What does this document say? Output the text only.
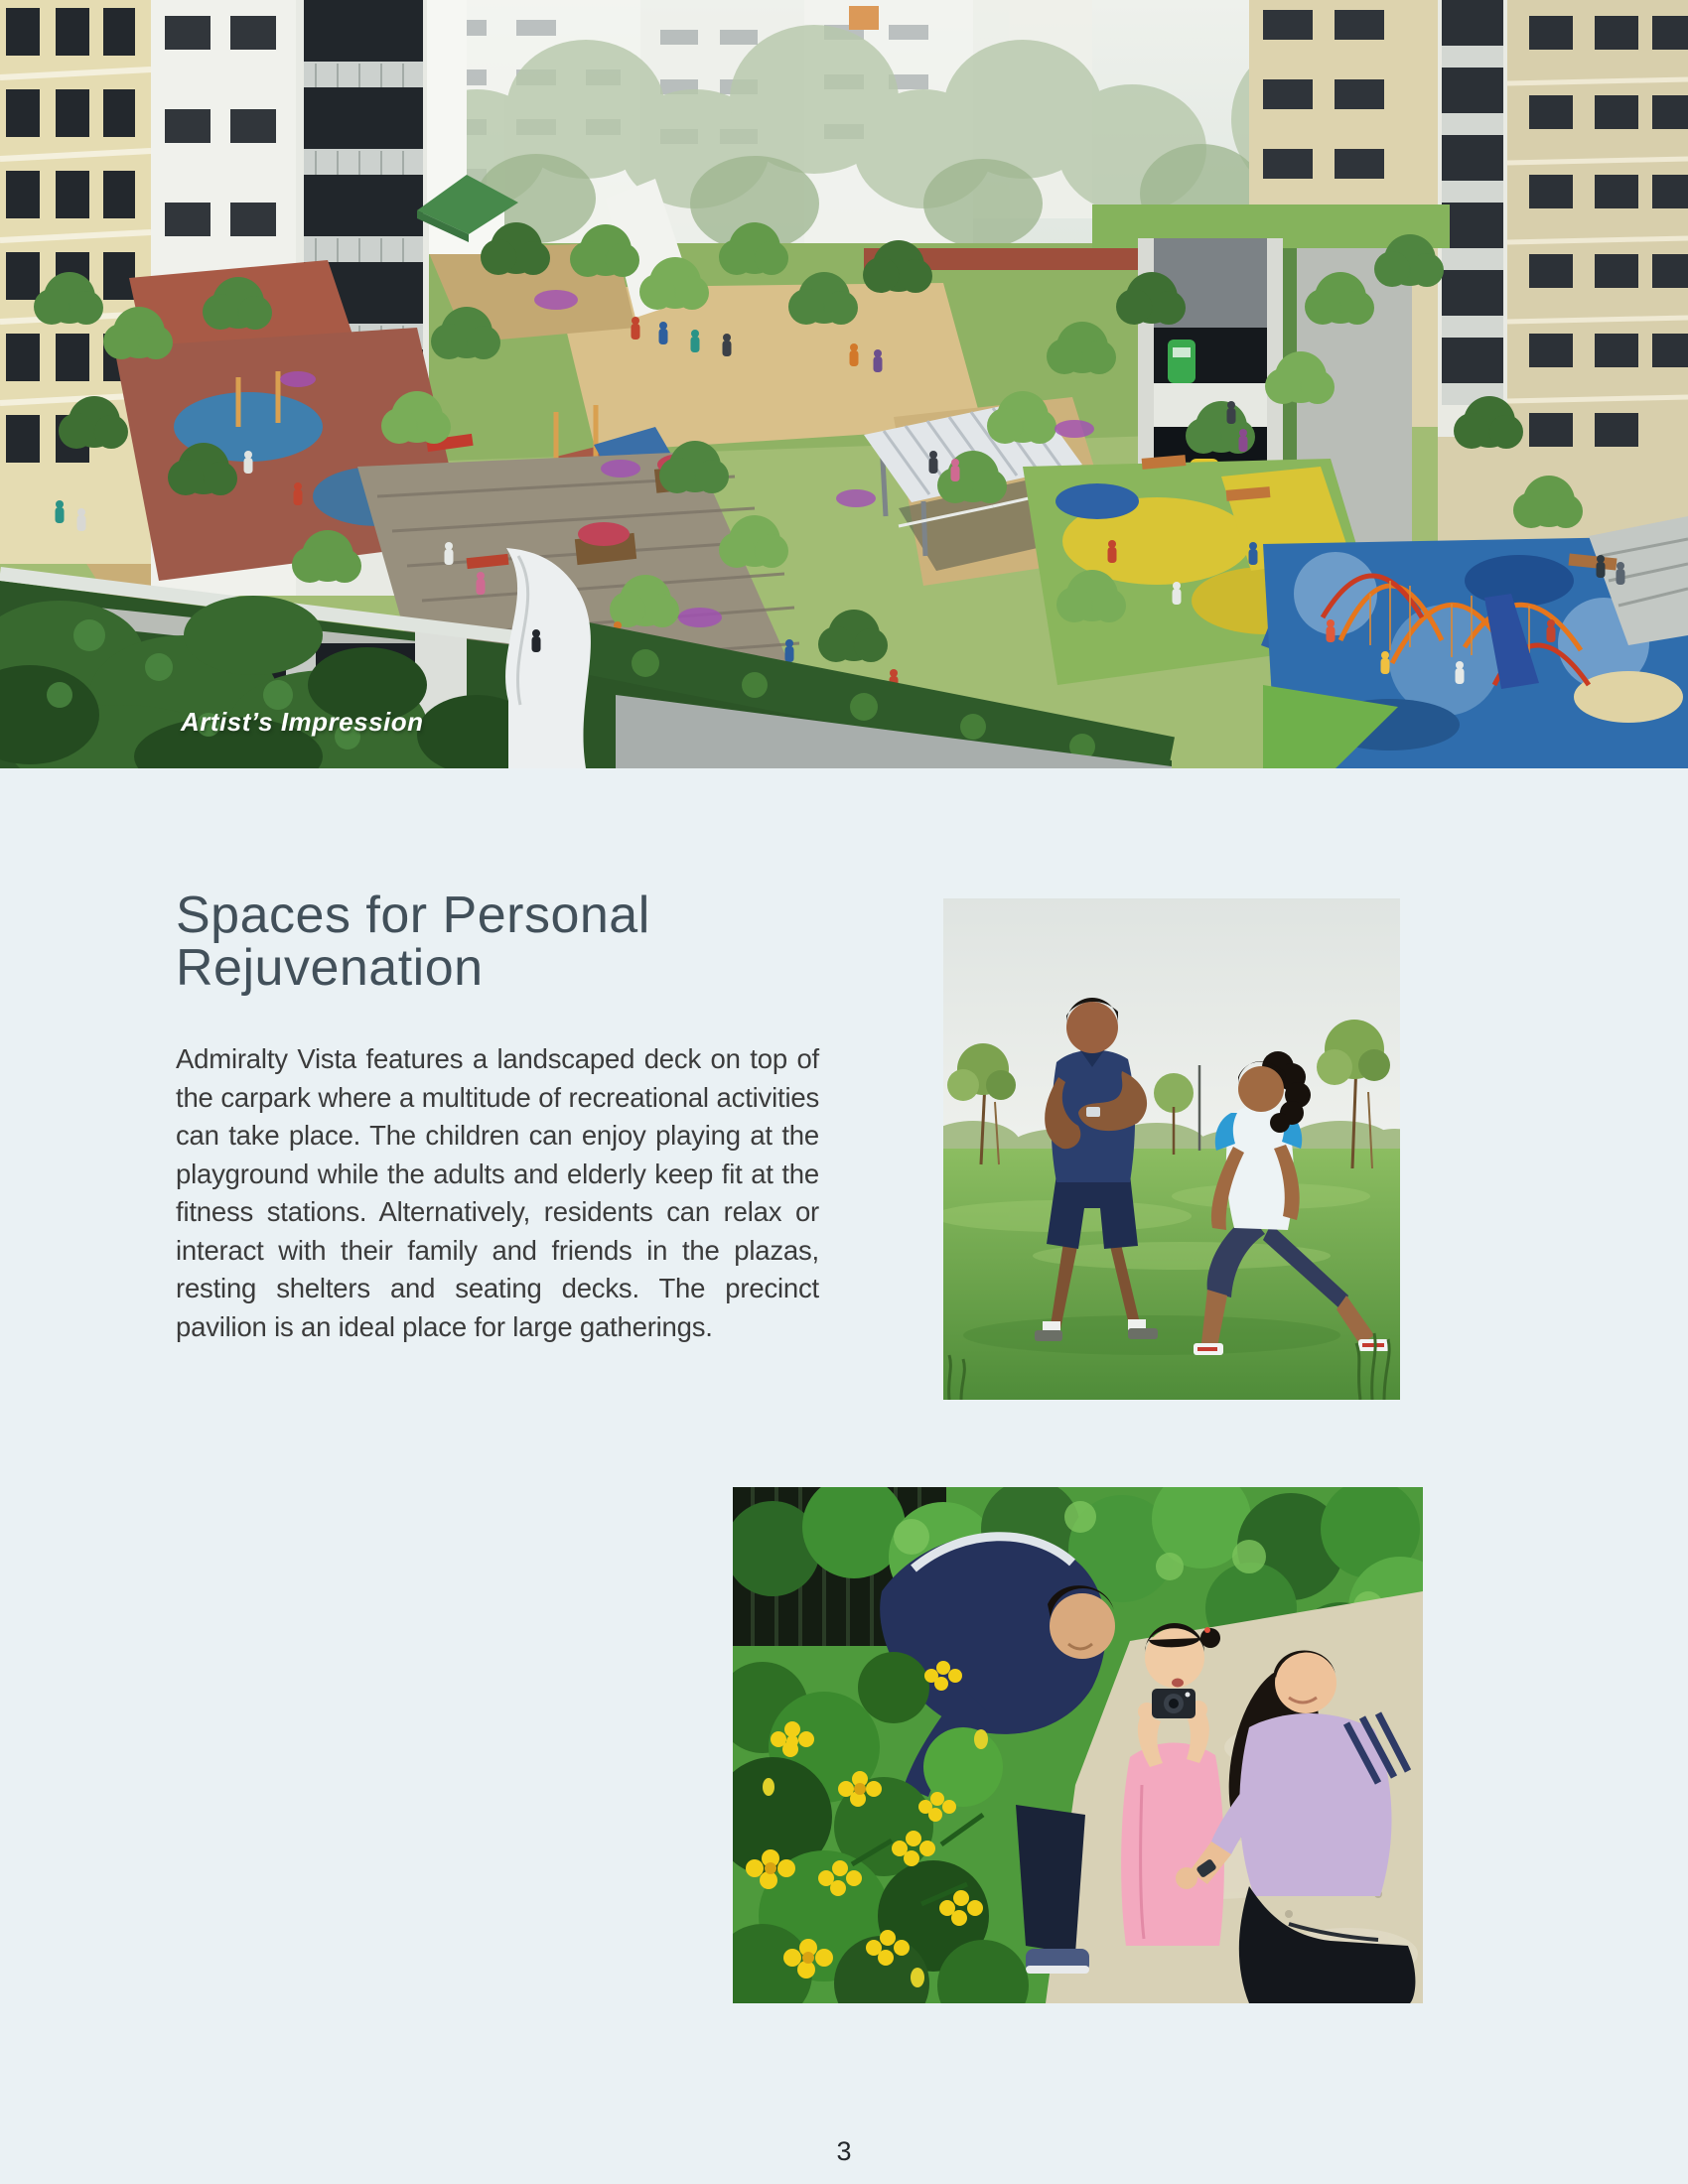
Artist’s Impression
Spaces for Personal
Rejuvenation

Admiralty Vista features a landscaped deck on top of the carpark where a multitude of recreational activities can take place. The children can enjoy playing at the playground while the adults and elderly keep fit at the fitness stations. Alternatively, residents can relax or interact with their family and friends in the plazas, resting shelters and seating decks. The precinct pavilion is an ideal place for large gatherings.

3
